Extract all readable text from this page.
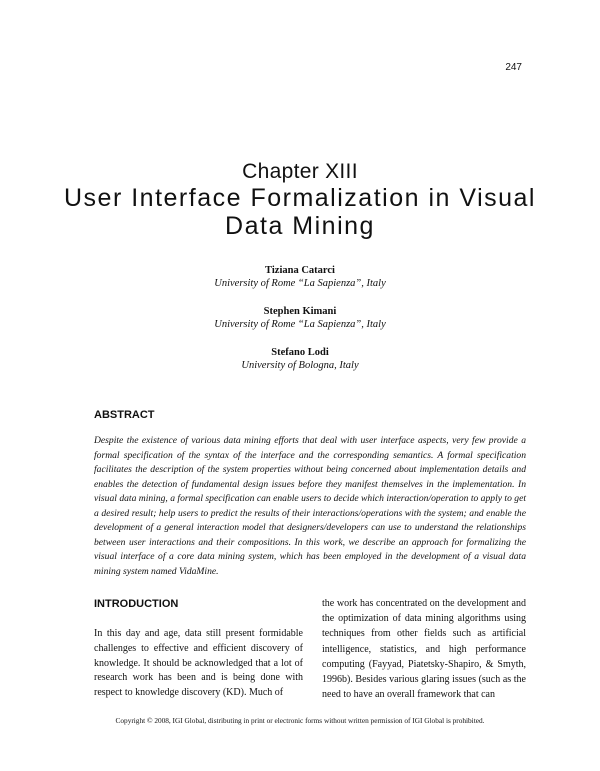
247
Chapter XIII
User Interface Formalization in Visual Data Mining
Tiziana Catarci
University of Rome “La Sapienza”, Italy
Stephen Kimani
University of Rome “La Sapienza”, Italy
Stefano Lodi
University of Bologna, Italy
ABSTRACT
Despite the existence of various data mining efforts that deal with user interface aspects, very few provide a formal specification of the syntax of the interface and the corresponding semantics. A formal specification facilitates the description of the system properties without being concerned about implementation details and enables the detection of fundamental design issues before they manifest themselves in the implementation. In visual data mining, a formal specification can enable users to decide which interaction/operation to apply to get a desired result; help users to predict the results of their interactions/operations with the system; and enable the development of a general interaction model that designers/developers can use to understand the relationships between user interactions and their compositions. In this work, we describe an approach for formalizing the visual interface of a core data mining system, which has been employed in the development of a visual data mining system named VidaMine.
INTRODUCTION
In this day and age, data still present formidable challenges to effective and efficient discovery of knowledge. It should be acknowledged that a lot of research work has been and is being done with respect to knowledge discovery (KD). Much of
the work has concentrated on the development and the optimization of data mining algorithms using techniques from other fields such as artificial intelligence, statistics, and high performance computing (Fayyad, Piatetsky-Shapiro, & Smyth, 1996b). Besides various glaring issues (such as the need to have an overall framework that can
Copyright © 2008, IGI Global, distributing in print or electronic forms without written permission of IGI Global is prohibited.
